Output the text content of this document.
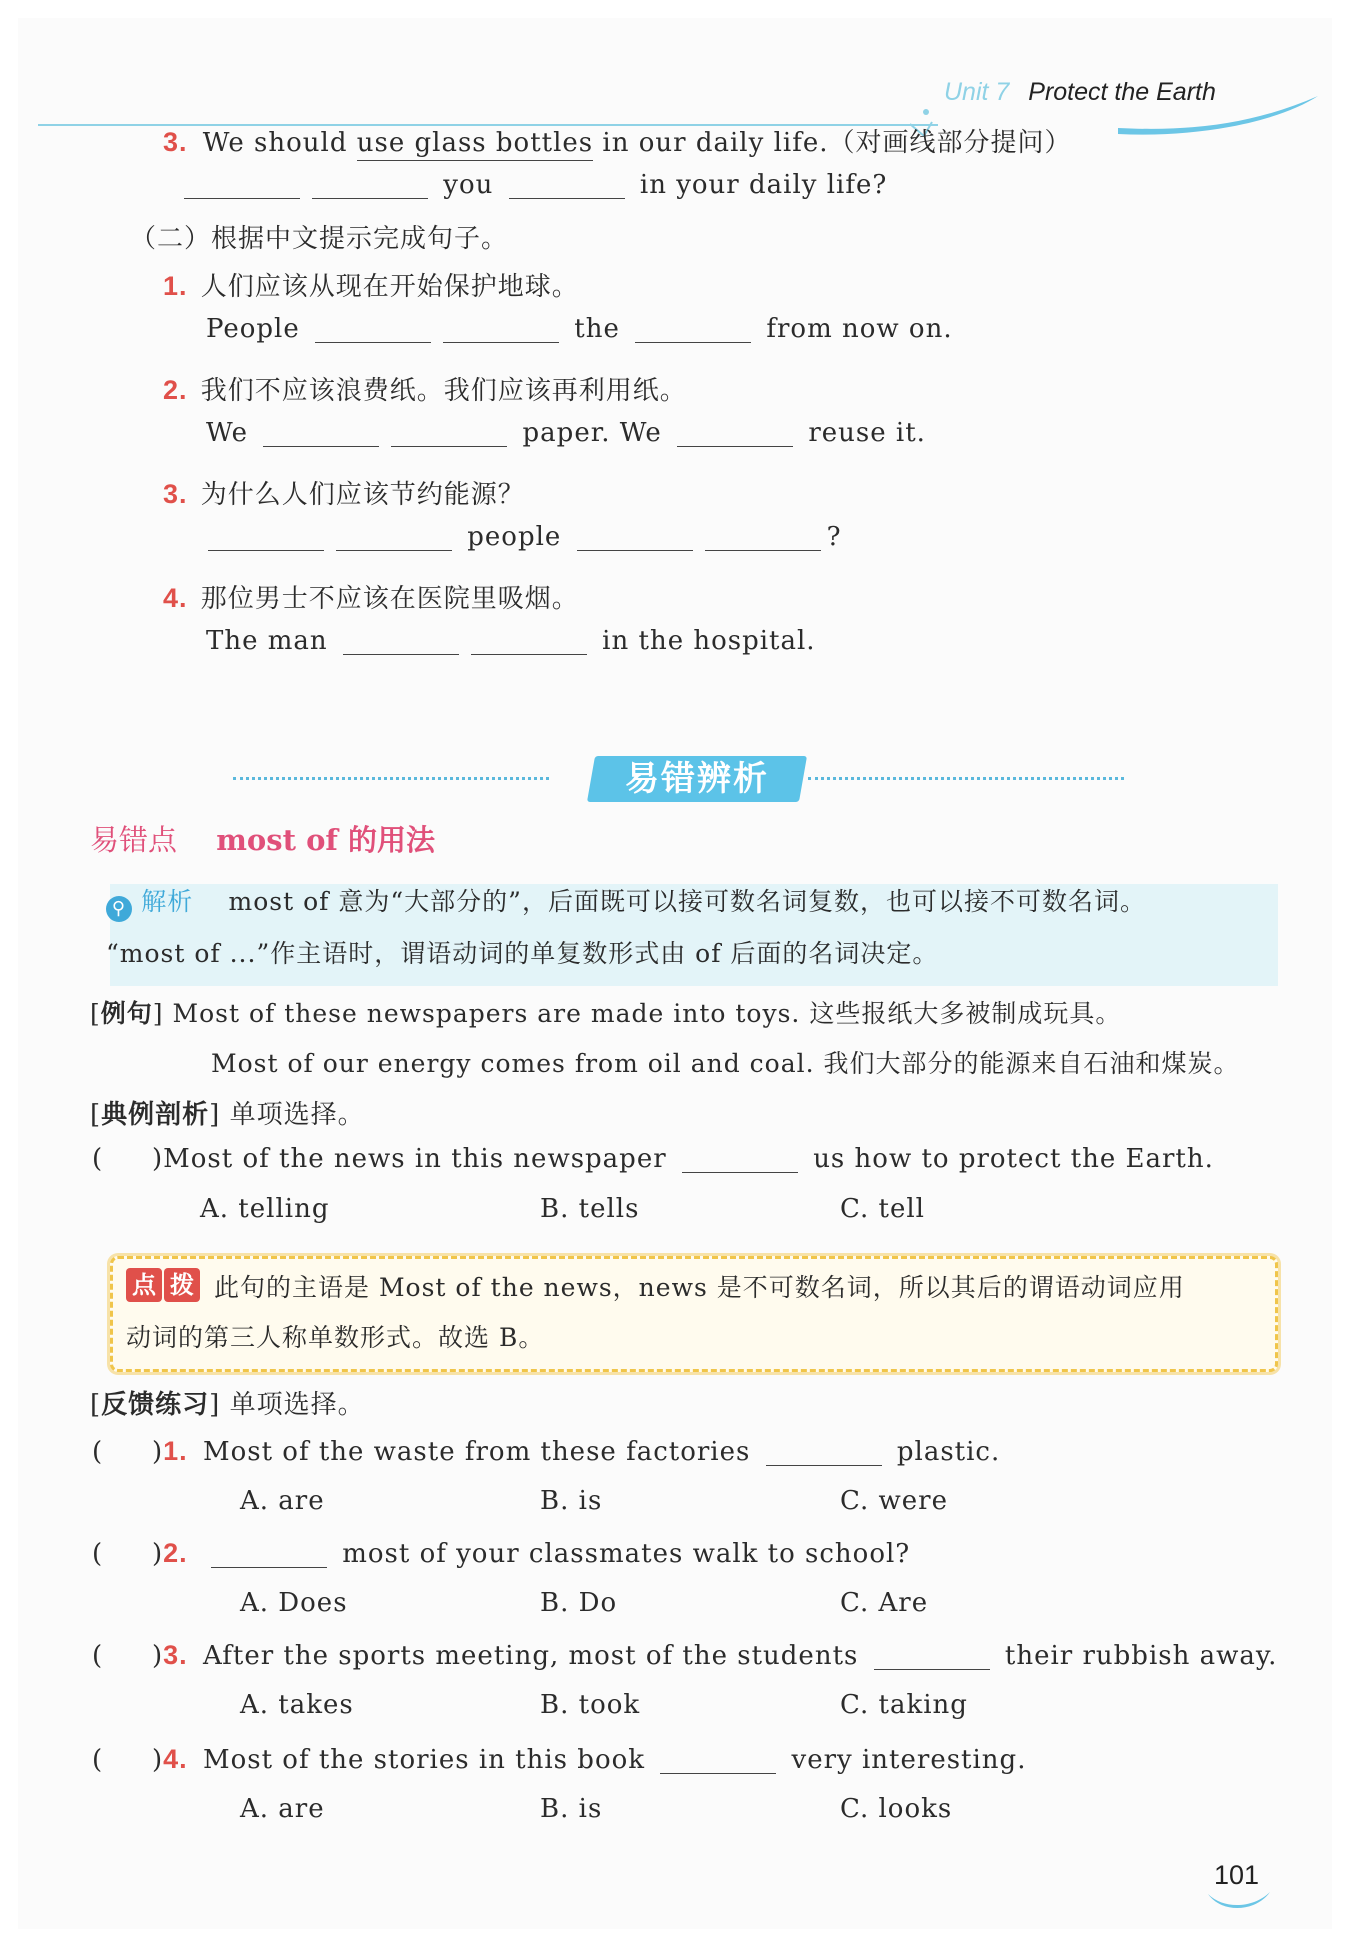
Unit 7 Protect the Earth
3. We should use glass bottles in our daily life.（对画线部分提问）
you	in your daily life?
（二）根据中文提示完成句子。
1. 人们应该从现在开始保护地球。
People	the	from now on.
2. 我们不应该浪费纸。我们应该再利用纸。
We	paper. We	reuse it.
3. 为什么人们应该节约能源？
people	?
4. 那位男士不应该在医院里吸烟。
The man	in the hospital.
易错辨析
易错点 most of 的用法
⚲ 解析 most of 意为“大部分的”，后面既可以接可数名词复数，也可以接不可数名词。
“most of ...”作主语时，谓语动词的单复数形式由 of 后面的名词决定。
[例句] Most of these newspapers are made into toys. 这些报纸大多被制成玩具。
Most of our energy comes from oil and coal. 我们大部分的能源来自石油和煤炭。
[典例剖析] 单项选择。
( )Most of the news in this newspaper	us how to protect the Earth.
A. telling	B. tells	C. tell
点 拨 此句的主语是 Most of the news，news 是不可数名词，所以其后的谓语动词应用
动词的第三人称单数形式。故选 B。
[反馈练习] 单项选择。
( )1. Most of the waste from these factories	plastic.
A. are	B. is	C. were
( )2.	most of your classmates walk to school?
A. Does	B. Do	C. Are
( )3. After the sports meeting, most of the students	their rubbish away.
A. takes	B. took	C. taking
( )4. Most of the stories in this book	very interesting.
A. are	B. is	C. looks
101
